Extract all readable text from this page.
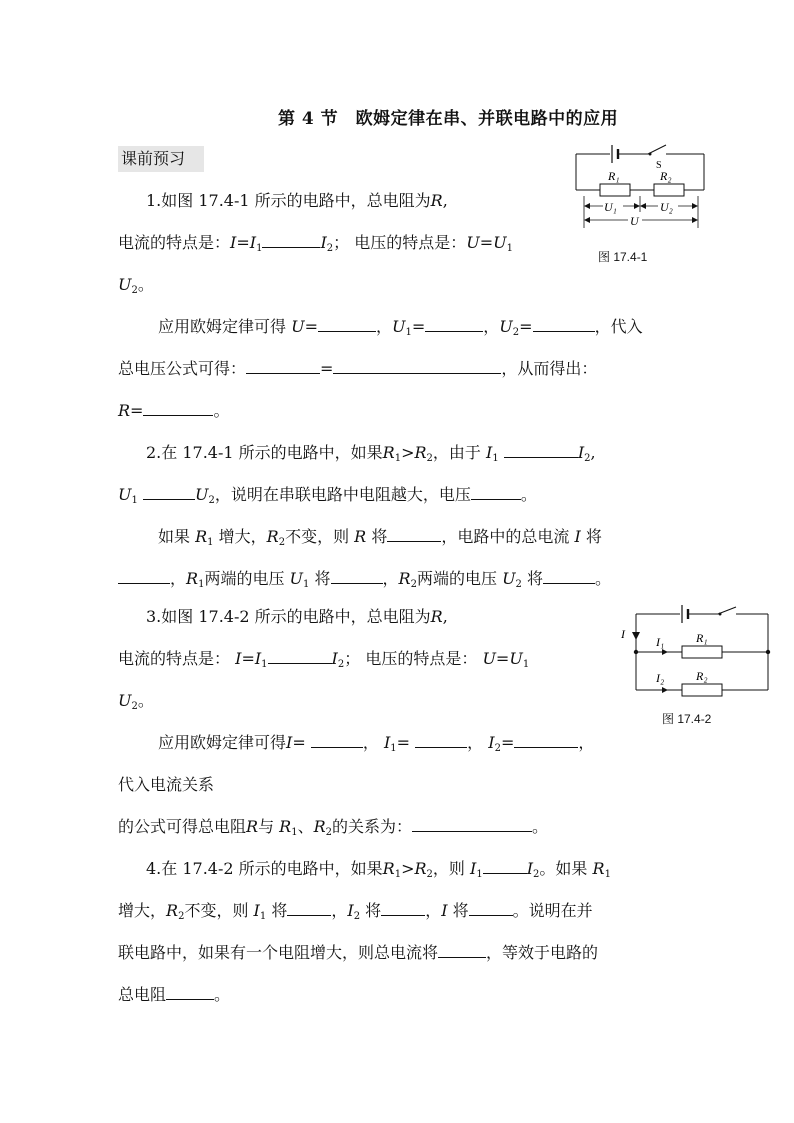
第 4 节　欧姆定律在串、并联电路中的应用
课前预习	S
R₁	R₂
U₁	U₂
U
图 17.4-1
1.如图 17.4-1 所示的电路中，总电阻为R,
电流的特点是：$I=I_1$	$I_2$； 电压的特点是：$U=U_1$
$U_2$。
应用欧姆定律可得 U=	，$U_1=$	，$U_2=$	，代入
总电压公式可得：	=	，从而得出：
R=	。
2.在 17.4-1 所示的电路中，如果$R_1>R_2$，由于 $I_1$	$I_2$,
$U_1$	$U_2$，说明在串联电路中电阻越大，电压	。
如果 $R_1$ 增大，$R_2$不变，则 R 将	，电路中的总电流 I 将
，$R_1$两端的电压 $U_1$ 将	，$R_2$两端的电压 $U_2$ 将	。
I
I₁	R₁
I₂	R₂
图 17.4-2
3.如图 17.4-2 所示的电路中，总电阻为R,
电流的特点是： $I=I_1$	$I_2$； 电压的特点是： $U=U_1$
$U_2$。
应用欧姆定律可得I=	， $I_1=$	， $I_2=$	，
代入电流关系
的公式可得总电阻R与 $R_1$、$R_2$的关系为：	。
4.在 17.4-2 所示的电路中，如果$R_1>R_2$，则 $I_1$	$I_2$。如果 $R_1$
增大，$R_2$不变，则 $I_1$ 将	，$I_2$ 将	，I 将	。说明在并
联电路中，如果有一个电阻增大，则总电流将	，等效于电路的
总电阻	。
